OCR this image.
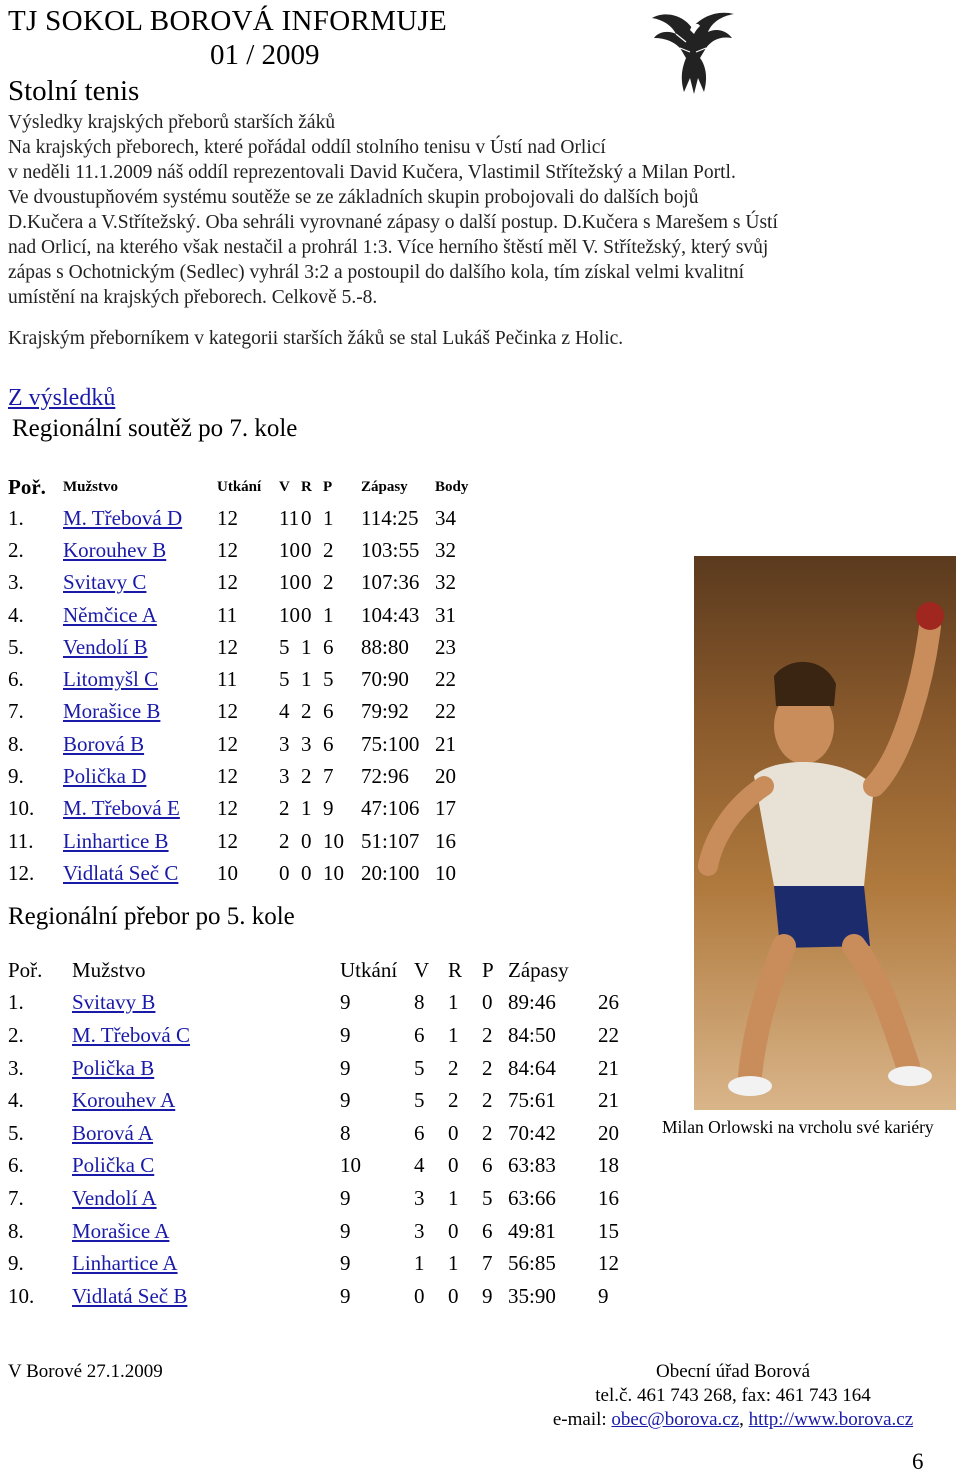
TJ SOKOL BOROVÁ INFORMUJE
01 / 2009
Stolní tenis
Výsledky krajských přeborů starších žáků
Na krajských přeborech, které pořádal oddíl stolního tenisu v Ústí nad Orlicí
v neděli 11.1.2009 náš oddíl reprezentovali David Kučera, Vlastimil Střítežský a Milan Portl.
Ve dvoustupňovém systému soutěže se ze základních skupin probojovali do dalších bojů
D.Kučera a V.Střítežský. Oba sehráli vyrovnané zápasy o další postup. D.Kučera s Marešem s Ústí
nad Orlicí, na kterého však nestačil a prohrál 1:3. Více herního štěstí měl V. Střítežský, který svůj
zápas s Ochotnickým (Sedlec) vyhrál 3:2 a postoupil do dalšího kola, tím získal velmi kvalitní
umístění na krajských přeborech. Celkově 5.-8.
Krajským přeborníkem v kategorii starších žáků se stal Lukáš Pečinka z Holic.
Z výsledků
Regionální soutěž po 7. kole
Poř.	Mužstvo	Utkání	V	R	P	Zápasy	Body
1.	M. Třebová D	12	11	0	1	114:25	34
2.	Korouhev B	12	10	0	2	103:55	32
3.	Svitavy C	12	10	0	2	107:36	32
4.	Němčice A	11	10	0	1	104:43	31
5.	Vendolí B	12	5	1	6	88:80	23
6.	Litomyšl C	11	5	1	5	70:90	22
7.	Morašice B	12	4	2	6	79:92	22
8.	Borová B	12	3	3	6	75:100	21
9.	Polička D	12	3	2	7	72:96	20
10.	M. Třebová E	12	2	1	9	47:106	17
11.	Linhartice B	12	2	0	10	51:107	16
12.	Vidlatá Seč C	10	0	0	10	20:100	10
Regionální přebor po 5. kole
Poř.	Mužstvo	Utkání	V	R	P	Zápasy	
1.	Svitavy B	9	8	1	0	89:46	26
2.	M. Třebová C	9	6	1	2	84:50	22
3.	Polička B	9	5	2	2	84:64	21
4.	Korouhev A	9	5	2	2	75:61	21
5.	Borová A	8	6	0	2	70:42	20
6.	Polička C	10	4	0	6	63:83	18
7.	Vendolí A	9	3	1	5	63:66	16
8.	Morašice A	9	3	0	6	49:81	15
9.	Linhartice A	9	1	1	7	56:85	12
10.	Vidlatá Seč B	9	0	0	9	35:90	9
Milan Orlowski na vrcholu své kariéry
V Borové 27.1.2009	Obecní úřad Borová
tel.č. 461 743 268, fax: 461 743 164
e-mail: obec@borova.cz, http://www.borova.cz
6
